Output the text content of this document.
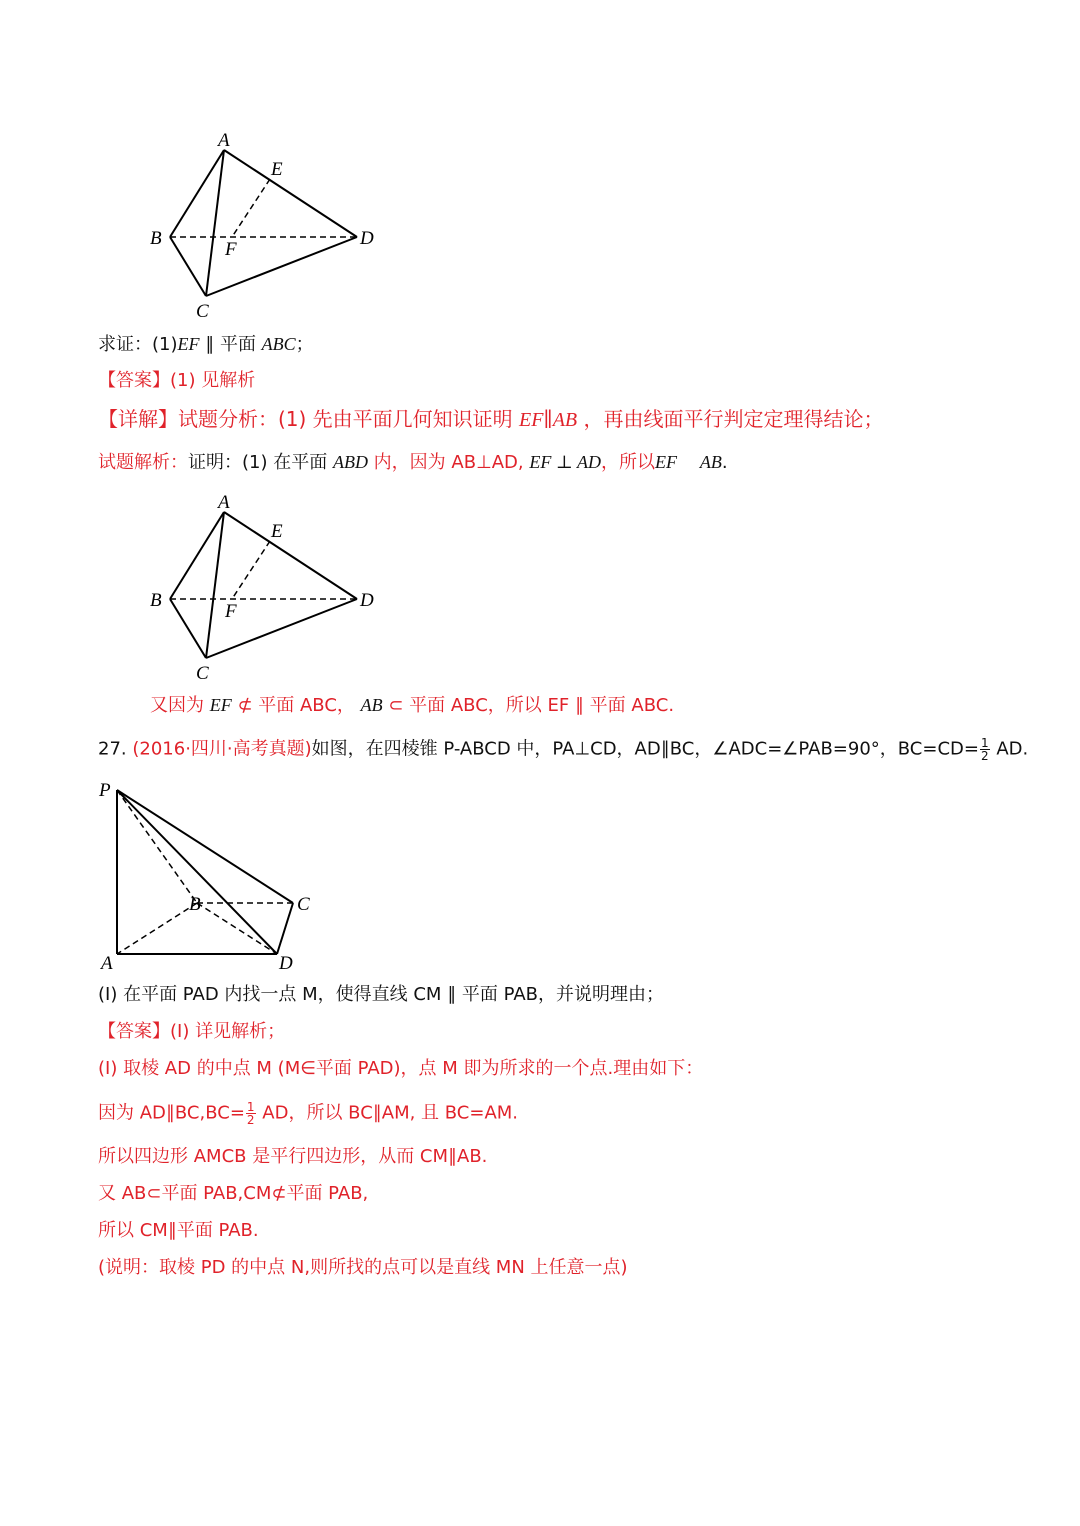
A
E
B
F
D
C
求证：(1)EF ∥ 平面 ABC；
【答案】(1) 见解析
【详解】试题分析：(1) 先由平面几何知识证明 EF∥AB ，再由线面平行判定定理得结论；
试题解析：证明：(1) 在平面 ABD 内，因为 AB⊥AD, EF ⊥ AD，所以EF AB.
A
E
B
F
D
C
又因为 EF ⊄ 平面 ABC， AB ⊂ 平面 ABC，所以 EF ∥ 平面 ABC.
27. (2016·四川·高考真题)如图，在四棱锥 P-ABCD 中，PA⊥CD，AD∥BC，∠ADC=∠PAB=90°，$BC=CD= \frac{1}{2}$ AD.
P
B	C
A	D
(Ⅰ) 在平面 PAD 内找一点 M，使得直线 CM ∥ 平面 PAB，并说明理由；
【答案】(Ⅰ) 详见解析；
(Ⅰ) 取棱 AD 的中点 M (M∈平面 PAD)，点 M 即为所求的一个点.理由如下：
因为 AD∥BC,BC= $\frac{1}{2}$ AD，所以 BC∥AM, 且 BC=AM.
所以四边形 AMCB 是平行四边形，从而 CM∥AB.
又 AB⊂平面 PAB,CM⊄平面 PAB,
所以 CM∥平面 PAB.
(说明：取棱 PD 的中点 N,则所找的点可以是直线 MN 上任意一点)
